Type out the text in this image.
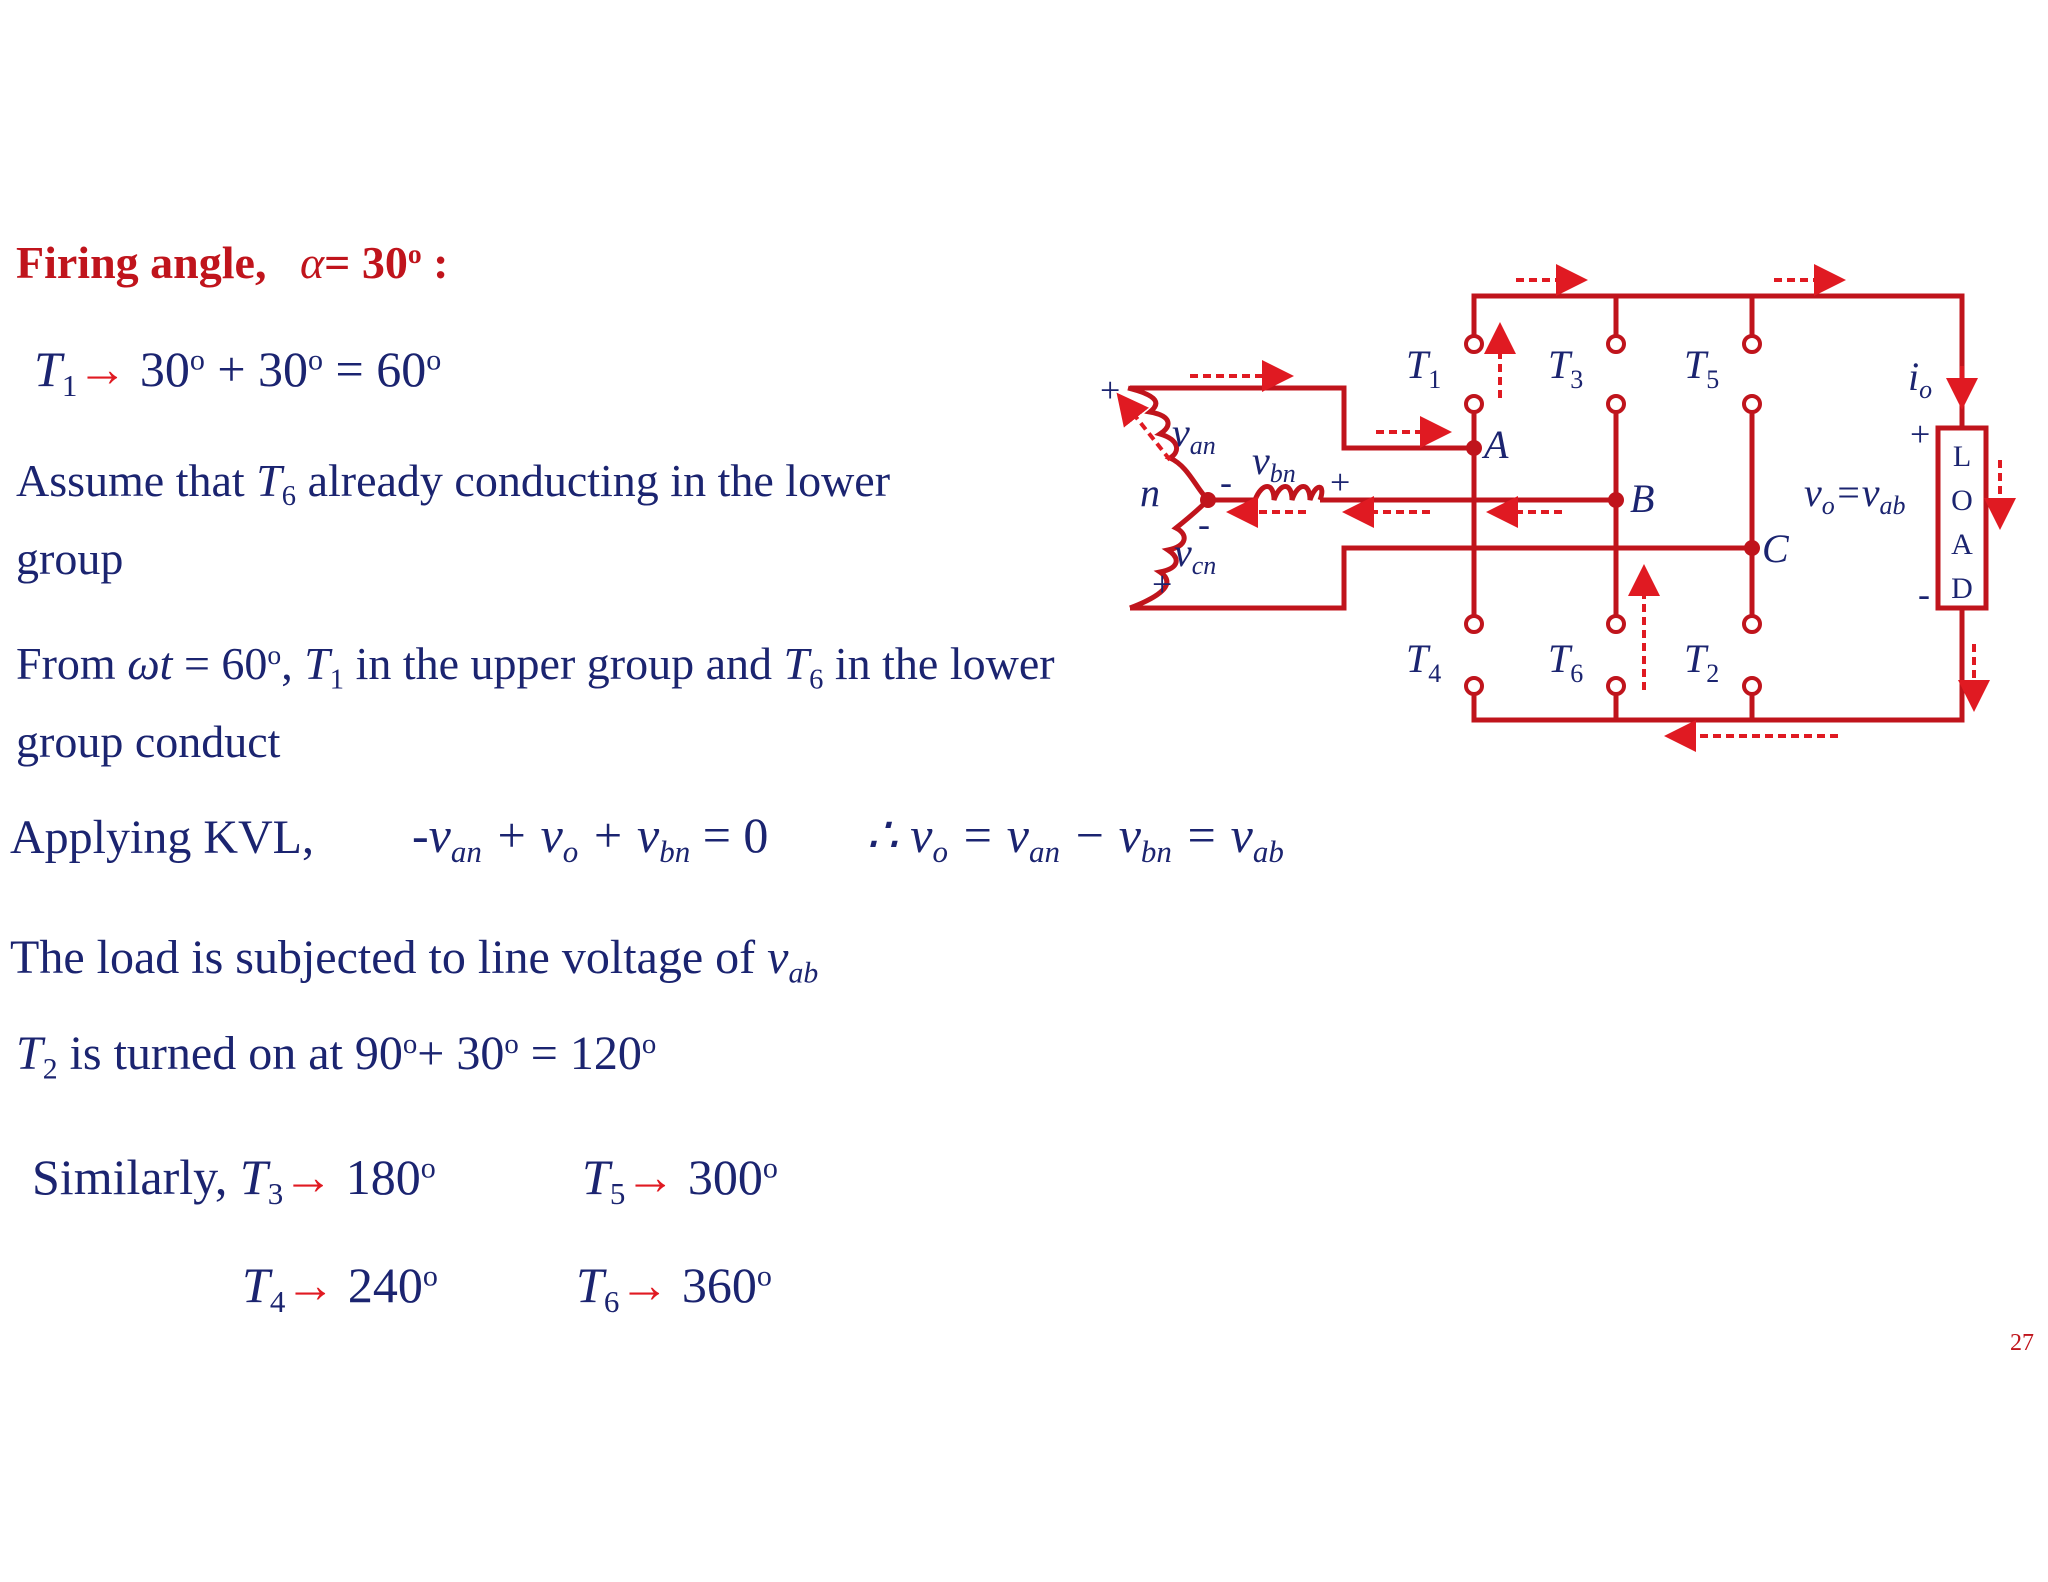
Firing angle, $\alpha= 30^o$ :
$T_1\to 30^o + 30^o = 60^o$
Assume that $T_6$ already conducting in the lower
group
From $\omega t = 60^o$, $T_1$ in the upper group and $T_6$ in the lower
group conduct
Applying KVL, $-v_{an} + v_o + v_{bn} = 0$ ∴ $v_o = v_{an} - v_{bn} = v_{ab}$
The load is subjected to line voltage of $v_{ab}$
$T_2$ is turned on at $90^o+ 30^o = 120^o$
Similarly, $T_3\to 180^o$	$T_5\to 300^o$
$T_4\to 240^o$	$T_6\to 360^o$
27
$T_1$	$T_3$	$T_5$
$T_4$	$T_6$	$T_2$
A
B
C
n
$v_{an}$ $v_{bn}$
$v_{cn}$
$i_o$
$v_o=v_{ab}$
+
+
+
+
-
-
-
L
O
A
D
